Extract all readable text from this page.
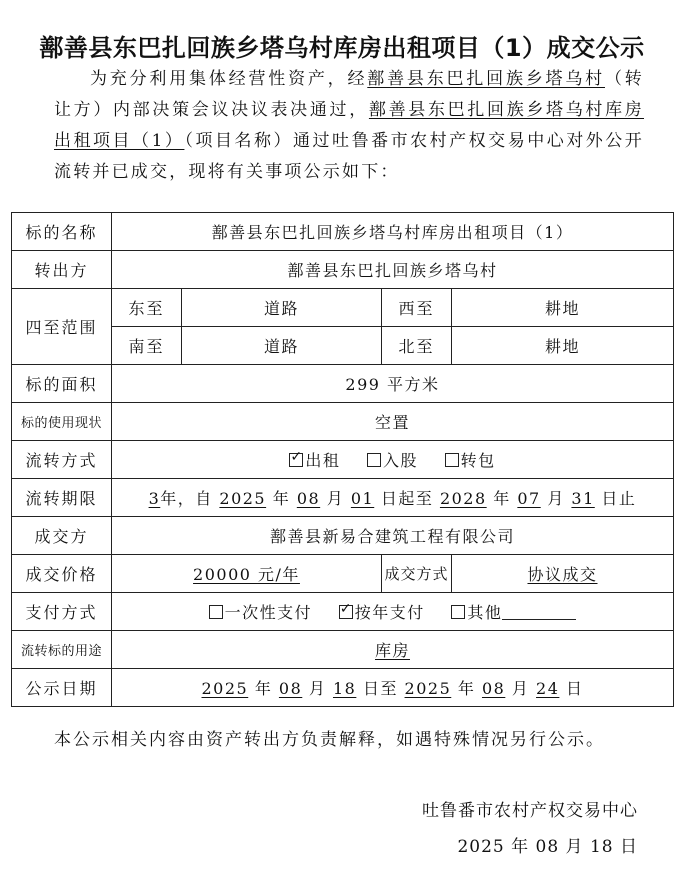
鄯善县东巴扎回族乡塔乌村库房出租项目（1）成交公示
为充分利用集体经营性资产，经鄯善县东巴扎回族乡塔乌村（转让方）内部决策会议决议表决通过，鄯善县东巴扎回族乡塔乌村库房出租项目（1）（项目名称）通过吐鲁番市农村产权交易中心对外公开流转并已成交，现将有关事项公示如下：
标的名称	鄯善县东巴扎回族乡塔乌村库房出租项目（1）			
转出方	鄯善县东巴扎回族乡塔乌村			
四至范围	东至	道路	西至	耕地
	南至	道路	北至	耕地
标的面积	299 平方米			
标的使用现状	空置			
流转方式	✓出租 入股 转包
流转期限	3年，自 2025 年 08 月 01 日起至 2028 年 07 月 31 日止			
成交方	鄯善县新易合建筑工程有限公司			
成交价格	20000 元/年		成交方式	协议成交
支付方式	一次性支付 ✓ 按年支付 其他
流转标的用途	库房			
公示日期	2025 年 08 月 18 日至 2025 年 08 月 24 日			
本公示相关内容由资产转出方负责解释，如遇特殊情况另行公示。
吐鲁番市农村产权交易中心
2025 年 08 月 18 日
